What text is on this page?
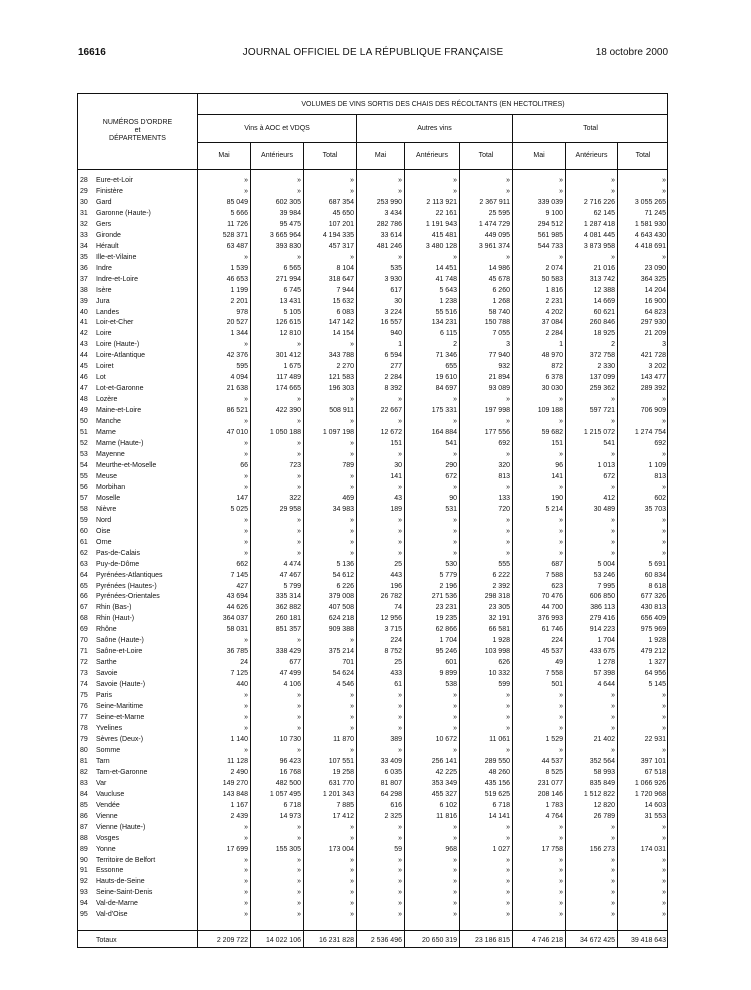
16616	JOURNAL OFFICIEL DE LA RÉPUBLIQUE FRANÇAISE	18 octobre 2000
NUMÉROS D'ORDRE
et
DÉPARTEMENTS
VOLUMES DE VINS SORTIS DES CHAIS DES RÉCOLTANTS (EN HECTOLITRES)
Vins à AOC et VDQS	Autres vins	Total
Mai	Antérieurs	Total	Mai	Antérieurs	Total	Mai	Antérieurs	Total
28	Eure-et-Loir	»	»	»	»	»	»	»	»	»
29	Finistère	»	»	»	»	»	»	»	»	»
30	Gard	85 049	602 305	687 354	253 990	2 113 921	2 367 911	339 039	2 716 226	3 055 265
31	Garonne (Haute-)	5 666	39 984	45 650	3 434	22 161	25 595	9 100	62 145	71 245
32	Gers	11 726	95 475	107 201	282 786	1 191 943	1 474 729	294 512	1 287 418	1 581 930
33	Gironde	528 371	3 665 964	4 194 335	33 614	415 481	449 095	561 985	4 081 445	4 643 430
34	Hérault	63 487	393 830	457 317	481 246	3 480 128	3 961 374	544 733	3 873 958	4 418 691
35	Ille-et-Vilaine	»	»	»	»	»	»	»	»	»
36	Indre	1 539	6 565	8 104	535	14 451	14 986	2 074	21 016	23 090
37	Indre-et-Loire	46 653	271 994	318 647	3 930	41 748	45 678	50 583	313 742	364 325
38	Isère	1 199	6 745	7 944	617	5 643	6 260	1 816	12 388	14 204
39	Jura	2 201	13 431	15 632	30	1 238	1 268	2 231	14 669	16 900
40	Landes	978	5 105	6 083	3 224	55 516	58 740	4 202	60 621	64 823
41	Loir-et-Cher	20 527	126 615	147 142	16 557	134 231	150 788	37 084	260 846	297 930
42	Loire	1 344	12 810	14 154	940	6 115	7 055	2 284	18 925	21 209
43	Loire (Haute-)	»	»	»	1	2	3	1	2	3
44	Loire-Atlantique	42 376	301 412	343 788	6 594	71 346	77 940	48 970	372 758	421 728
45	Loiret	595	1 675	2 270	277	655	932	872	2 330	3 202
46	Lot	4 094	117 489	121 583	2 284	19 610	21 894	6 378	137 099	143 477
47	Lot-et-Garonne	21 638	174 665	196 303	8 392	84 697	93 089	30 030	259 362	289 392
48	Lozère	»	»	»	»	»	»	»	»	»
49	Maine-et-Loire	86 521	422 390	508 911	22 667	175 331	197 998	109 188	597 721	706 909
50	Manche	»	»	»	»	»	»	»	»	»
51	Marne	47 010	1 050 188	1 097 198	12 672	164 884	177 556	59 682	1 215 072	1 274 754
52	Marne (Haute-)	»	»	»	151	541	692	151	541	692
53	Mayenne	»	»	»	»	»	»	»	»	»
54	Meurthe-et-Moselle	66	723	789	30	290	320	96	1 013	1 109
55	Meuse	»	»	»	141	672	813	141	672	813
56	Morbihan	»	»	»	»	»	»	»	»	»
57	Moselle	147	322	469	43	90	133	190	412	602
58	Nièvre	5 025	29 958	34 983	189	531	720	5 214	30 489	35 703
59	Nord	»	»	»	»	»	»	»	»	»
60	Oise	»	»	»	»	»	»	»	»	»
61	Orne	»	»	»	»	»	»	»	»	»
62	Pas-de-Calais	»	»	»	»	»	»	»	»	»
63	Puy-de-Dôme	662	4 474	5 136	25	530	555	687	5 004	5 691
64	Pyrénées-Atlantiques	7 145	47 467	54 612	443	5 779	6 222	7 588	53 246	60 834
65	Pyrénées (Hautes-)	427	5 799	6 226	196	2 196	2 392	623	7 995	8 618
66	Pyrénées-Orientales	43 694	335 314	379 008	26 782	271 536	298 318	70 476	606 850	677 326
67	Rhin (Bas-)	44 626	362 882	407 508	74	23 231	23 305	44 700	386 113	430 813
68	Rhin (Haut-)	364 037	260 181	624 218	12 956	19 235	32 191	376 993	279 416	656 409
69	Rhône	58 031	851 357	909 388	3 715	62 866	66 581	61 746	914 223	975 969
70	Saône (Haute-)	»	»	»	224	1 704	1 928	224	1 704	1 928
71	Saône-et-Loire	36 785	338 429	375 214	8 752	95 246	103 998	45 537	433 675	479 212
72	Sarthe	24	677	701	25	601	626	49	1 278	1 327
73	Savoie	7 125	47 499	54 624	433	9 899	10 332	7 558	57 398	64 956
74	Savoie (Haute-)	440	4 106	4 546	61	538	599	501	4 644	5 145
75	Paris	»	»	»	»	»	»	»	»	»
76	Seine-Maritime	»	»	»	»	»	»	»	»	»
77	Seine-et-Marne	»	»	»	»	»	»	»	»	»
78	Yvelines	»	»	»	»	»	»	»	»	»
79	Sèvres (Deux-)	1 140	10 730	11 870	389	10 672	11 061	1 529	21 402	22 931
80	Somme	»	»	»	»	»	»	»	»	»
81	Tarn	11 128	96 423	107 551	33 409	256 141	289 550	44 537	352 564	397 101
82	Tarn-et-Garonne	2 490	16 768	19 258	6 035	42 225	48 260	8 525	58 993	67 518
83	Var	149 270	482 500	631 770	81 807	353 349	435 156	231 077	835 849	1 066 926
84	Vaucluse	143 848	1 057 495	1 201 343	64 298	455 327	519 625	208 146	1 512 822	1 720 968
85	Vendée	1 167	6 718	7 885	616	6 102	6 718	1 783	12 820	14 603
86	Vienne	2 439	14 973	17 412	2 325	11 816	14 141	4 764	26 789	31 553
87	Vienne (Haute-)	»	»	»	»	»	»	»	»	»
88	Vosges	»	»	»	»	»	»	»	»	»
89	Yonne	17 699	155 305	173 004	59	968	1 027	17 758	156 273	174 031
90	Territoire de Belfort	»	»	»	»	»	»	»	»	»
91	Essonne	»	»	»	»	»	»	»	»	»
92	Hauts-de-Seine	»	»	»	»	»	»	»	»	»
93	Seine-Saint-Denis	»	»	»	»	»	»	»	»	»
94	Val-de-Marne	»	»	»	»	»	»	»	»	»
95	Val-d'Oise	»	»	»	»	»	»	»	»	»
Totaux	2 209 722	14 022 106	16 231 828	2 536 496	20 650 319	23 186 815	4 746 218	34 672 425	39 418 643
